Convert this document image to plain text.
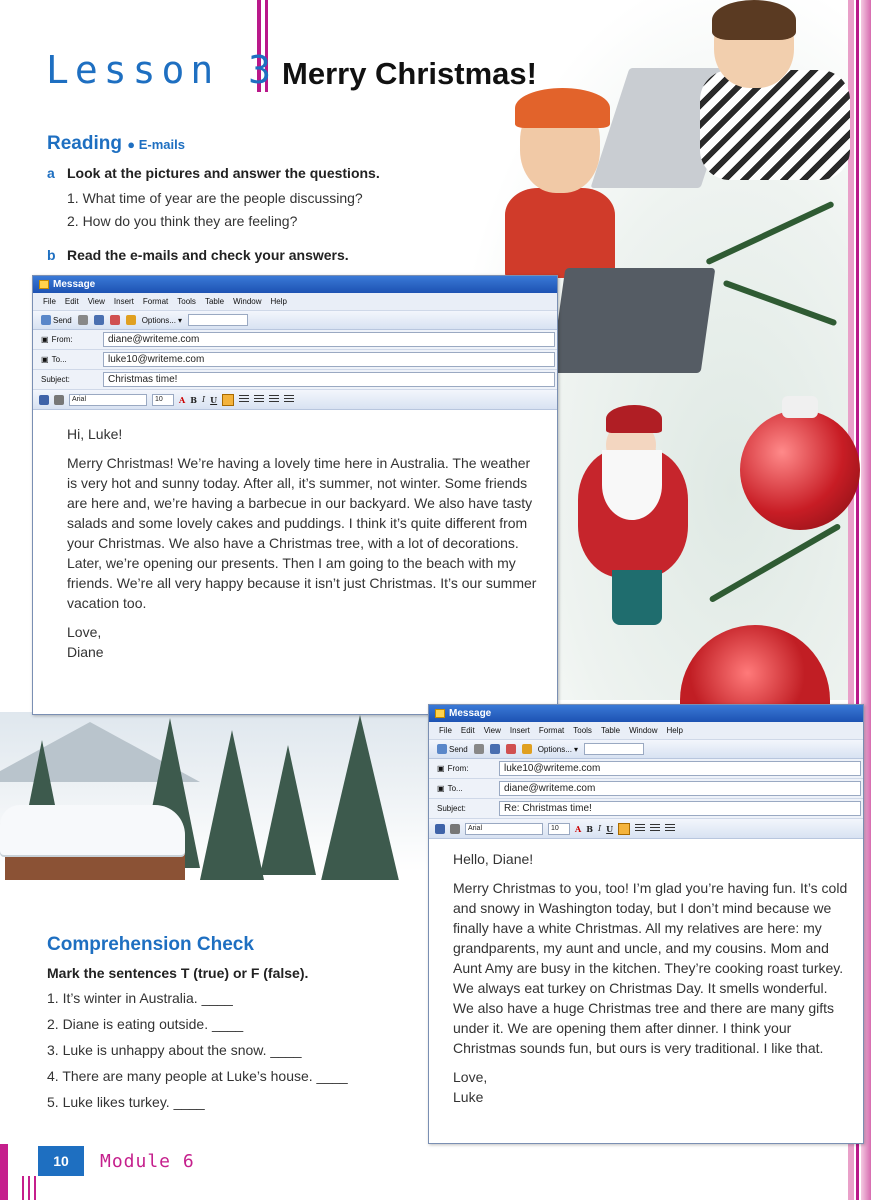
Lesson 3 Merry Christmas!
Reading ● E-mails
a Look at the pictures and answer the questions.
1. What time of year are the people discussing?
2. How do you think they are feeling?
b Read the e-mails and check your answers.
Message
File Edit View Insert Format Tools Table Window Help
Send	Options... ▾
▣ From:	diane@writeme.com
▣ To...	luke10@writeme.com
Subject:	Christmas time!
Arial	10	A B I U

Hi, Luke!

Merry Christmas! We’re having a lovely time here in Australia. The weather is very hot and sunny today. After all, it’s summer, not winter. Some friends are here and, we’re having a barbecue in our backyard. We also have tasty salads and some lovely cakes and puddings. I think it’s quite different from your Christmas. We also have a Christmas tree, with a lot of decorations. Later, we’re opening our presents. Then I am going to the beach with my friends. We’re all very happy because it isn’t just Christmas. It’s our summer vacation too.

Love,
Diane
Message
File Edit View Insert Format Tools Table Window Help
Send	Options... ▾
▣ From:	luke10@writeme.com
▣ To...	diane@writeme.com
Subject:	Re: Christmas time!
Arial	10	A B I U

Hello, Diane!

Merry Christmas to you, too! I’m glad you’re having fun. It’s cold and snowy in Washington today, but I don’t mind because we finally have a white Christmas. All my relatives are here: my grandparents, my aunt and uncle, and my cousins. Mom and Aunt Amy are busy in the kitchen. They’re cooking roast turkey. We always eat turkey on Christmas Day. It smells wonderful. We also have a huge Christmas tree and there are many gifts under it. We are opening them after dinner. I think your Christmas sounds fun, but ours is very traditional. I like that.

Love,
Luke
Comprehension Check
Mark the sentences T (true) or F (false).
1. It’s winter in Australia. ____
2. Diane is eating outside. ____
3. Luke is unhappy about the snow. ____
4. There are many people at Luke’s house. ____
5. Luke likes turkey. ____
10	Module 6
